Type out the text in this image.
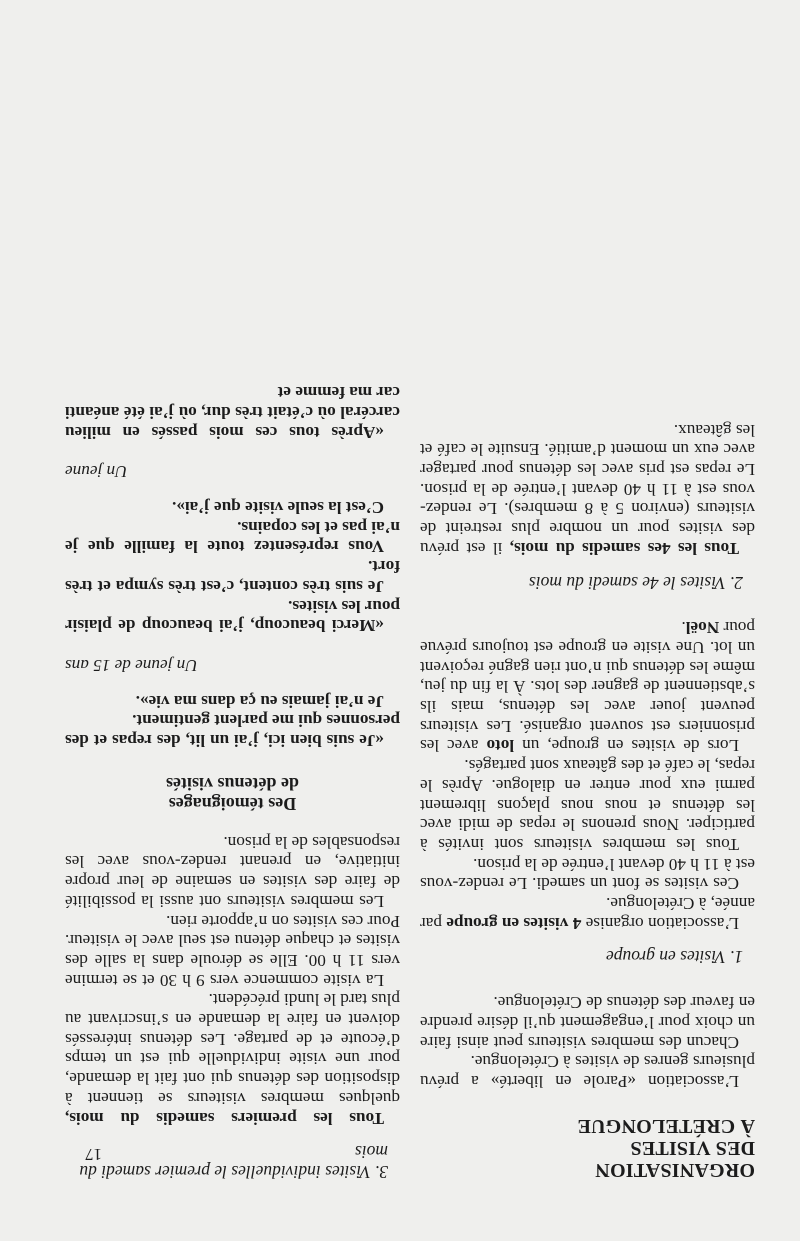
ORGANISATION
DES VISITES
À CRÉTELONGUE

L’association «Parole en liberté» a prévu plusieurs genres de visites à Crételongue.

Chacun des membres visiteurs peut ainsi faire un choix pour l’engagement qu’il désire prendre en faveur des détenus de Crételongue.

1. Visites en groupe

L’association organise 4 visites en groupe par année, à Crételongue.

Ces visites se font un samedi. Le rendez-vous est à 11 h 40 devant l’entrée de la prison.

Tous les membres visiteurs sont invités à participer. Nous prenons le repas de midi avec les détenus et nous nous plaçons librement parmi eux pour entrer en dialogue. Après le repas, le café et des gâteaux sont partagés.

Lors de visites en groupe, un loto avec les prisonniers est souvent organisé. Les visiteurs peuvent jouer avec les détenus, mais ils s’abstiennent de gagner des lots. À la fin du jeu, même les détenus qui n’ont rien gagné reçoivent un lot. Une visite en groupe est toujours prévue pour Noël.

2. Visites le 4e samedi du mois

Tous les 4es samedis du mois, il est prévu des visites pour un nombre plus restreint de visiteurs (environ 5 à 8 membres). Le rendez-vous est à 11 h 40 devant l’entrée de la prison. Le repas est pris avec les détenus pour partager avec eux un moment d’amitié. Ensuite le café et les gâteaux.

3. Visites individuelles le premier samedi du mois

Tous les premiers samedis du mois, quelques membres visiteurs se tiennent à disposition des détenus qui ont fait la demande, pour une visite individuelle qui est un temps d’écoute et de partage. Les détenus intéressés doivent en faire la demande en s’inscrivant au plus tard le lundi précédent.

La visite commence vers 9 h 30 et se termine vers 11 h 00. Elle se déroule dans la salle des visites et chaque détenu est seul avec le visiteur. Pour ces visites on n’apporte rien.

Les membres visiteurs ont aussi la possibilité de faire des visites en semaine de leur propre initiative, en prenant rendez-vous avec les responsables de la prison.

Des témoignages
de détenus visités

«Je suis bien ici, j’ai un lit, des repas et des personnes qui me parlent gentiment.

Je n’ai jamais eu ça dans ma vie».

Un jeune de 15 ans

«Merci beaucoup, j’ai beaucoup de plaisir pour les visites.

Je suis très content, c’est très sympa et très fort.

Vous représentez toute la famille que je n’ai pas et les copains.

C’est la seule visite que j’ai».

Un jeune

«Après tous ces mois passés en milieu carcéral où c’était très dur, où j’ai été anéanti car ma femme et

17
